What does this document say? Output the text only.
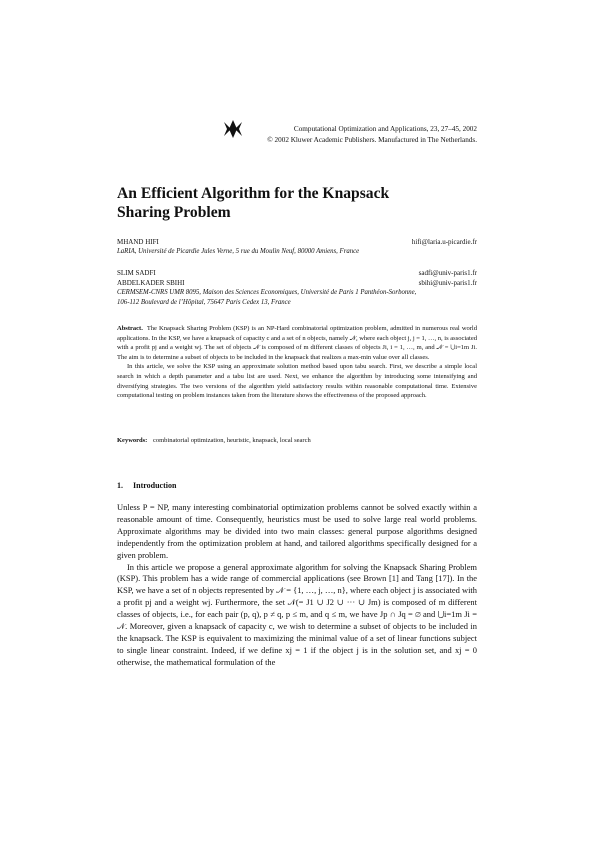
Computational Optimization and Applications, 23, 27–45, 2002
© 2002 Kluwer Academic Publishers. Manufactured in The Netherlands.
An Efficient Algorithm for the Knapsack
Sharing Problem
MHAND HIFI	hifi@laria.u-picardie.fr
LaRIA, Université de Picardie Jules Verne, 5 rue du Moulin Neuf, 80000 Amiens, France
SLIM SADFI	sadfi@univ-paris1.fr
ABDELKADER SBIHI	sbihi@univ-paris1.fr
CERMSEM-CNRS UMR 8095, Maison des Sciences Economiques, Université de Paris 1 Panthéon-Sorbonne,
106-112 Boulevard de l’Hôpital, 75647 Paris Cedex 13, France

Abstract. The Knapsack Sharing Problem (KSP) is an NP-Hard combinatorial optimization problem, admitted in numerous real world applications. In the KSP, we have a knapsack of capacity c and a set of n objects, namely 𝒩, where each object j, j = 1, …, n, is associated with a profit pj and a weight wj. The set of objects 𝒩 is composed of m different classes of objects Ji, i = 1, …, m, and 𝒩 = ⋃i=1m Ji. The aim is to determine a subset of objects to be included in the knapsack that realizes a max-min value over all classes.

In this article, we solve the KSP using an approximate solution method based upon tabu search. First, we describe a simple local search in which a depth parameter and a tabu list are used. Next, we enhance the algorithm by introducing some intensifying and diversifying strategies. The two versions of the algorithm yield satisfactory results within reasonable computational time. Extensive computational testing on problem instances taken from the literature shows the effectiveness of the proposed approach.

Keywords: combinatorial optimization, heuristic, knapsack, local search
1. Introduction

Unless P = NP, many interesting combinatorial optimization problems cannot be solved exactly within a reasonable amount of time. Consequently, heuristics must be used to solve large real world problems. Approximate algorithms may be divided into two main classes: general purpose algorithms designed independently from the optimization problem at hand, and tailored algorithms specifically designed for a given problem.

In this article we propose a general approximate algorithm for solving the Knapsack Sharing Problem (KSP). This problem has a wide range of commercial applications (see Brown [1] and Tang [17]). In the KSP, we have a set of n objects represented by 𝒩 = {1, …, j, …, n}, where each object j is associated with a profit pj and a weight wj. Furthermore, the set 𝒩(= J1 ∪ J2 ∪ ··· ∪ Jm) is composed of m different classes of objects, i.e., for each pair (p, q), p ≠ q, p ≤ m, and q ≤ m, we have Jp ∩ Jq = ∅ and ⋃i=1m Ji = 𝒩. Moreover, given a knapsack of capacity c, we wish to determine a subset of objects to be included in the knapsack. The KSP is equivalent to maximizing the minimal value of a set of linear functions subject to single linear constraint. Indeed, if we define xj = 1 if the object j is in the solution set, and xj = 0 otherwise, the mathematical formulation of the
